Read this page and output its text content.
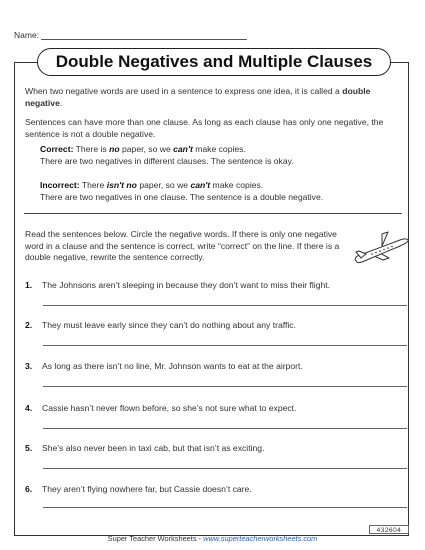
Name:
Double Negatives and Multiple Clauses

When two negative words are used in a sentence to express one idea, it is called a double negative.

Sentences can have more than one clause. As long as each clause has only one negative, the sentence is not a double negative.

Correct: There is no paper, so we can't make copies.
There are two negatives in different clauses. The sentence is okay.
Incorrect: There isn't no paper, so we can't make copies.
There are two negatives in one clause. The sentence is a double negative.
Read the sentences below. Circle the negative words. If there is only one negative word in a clause and the sentence is correct, write “correct” on the line. If there is a double negative, rewrite the sentence correctly.
1. The Johnsons aren’t sleeping in because they don’t want to miss their flight.
2. They must leave early since they can’t do nothing about any traffic.
3. As long as there isn’t no line, Mr. Johnson wants to eat at the airport.
4. Cassie hasn’t never flown before, so she’s not sure what to expect.
5. She’s also never been in taxi cab, but that isn’t as exciting.
6. They aren’t flying nowhere far, but Cassie doesn’t care.
432604
Super Teacher Worksheets - www.superteacherworksheets.com
